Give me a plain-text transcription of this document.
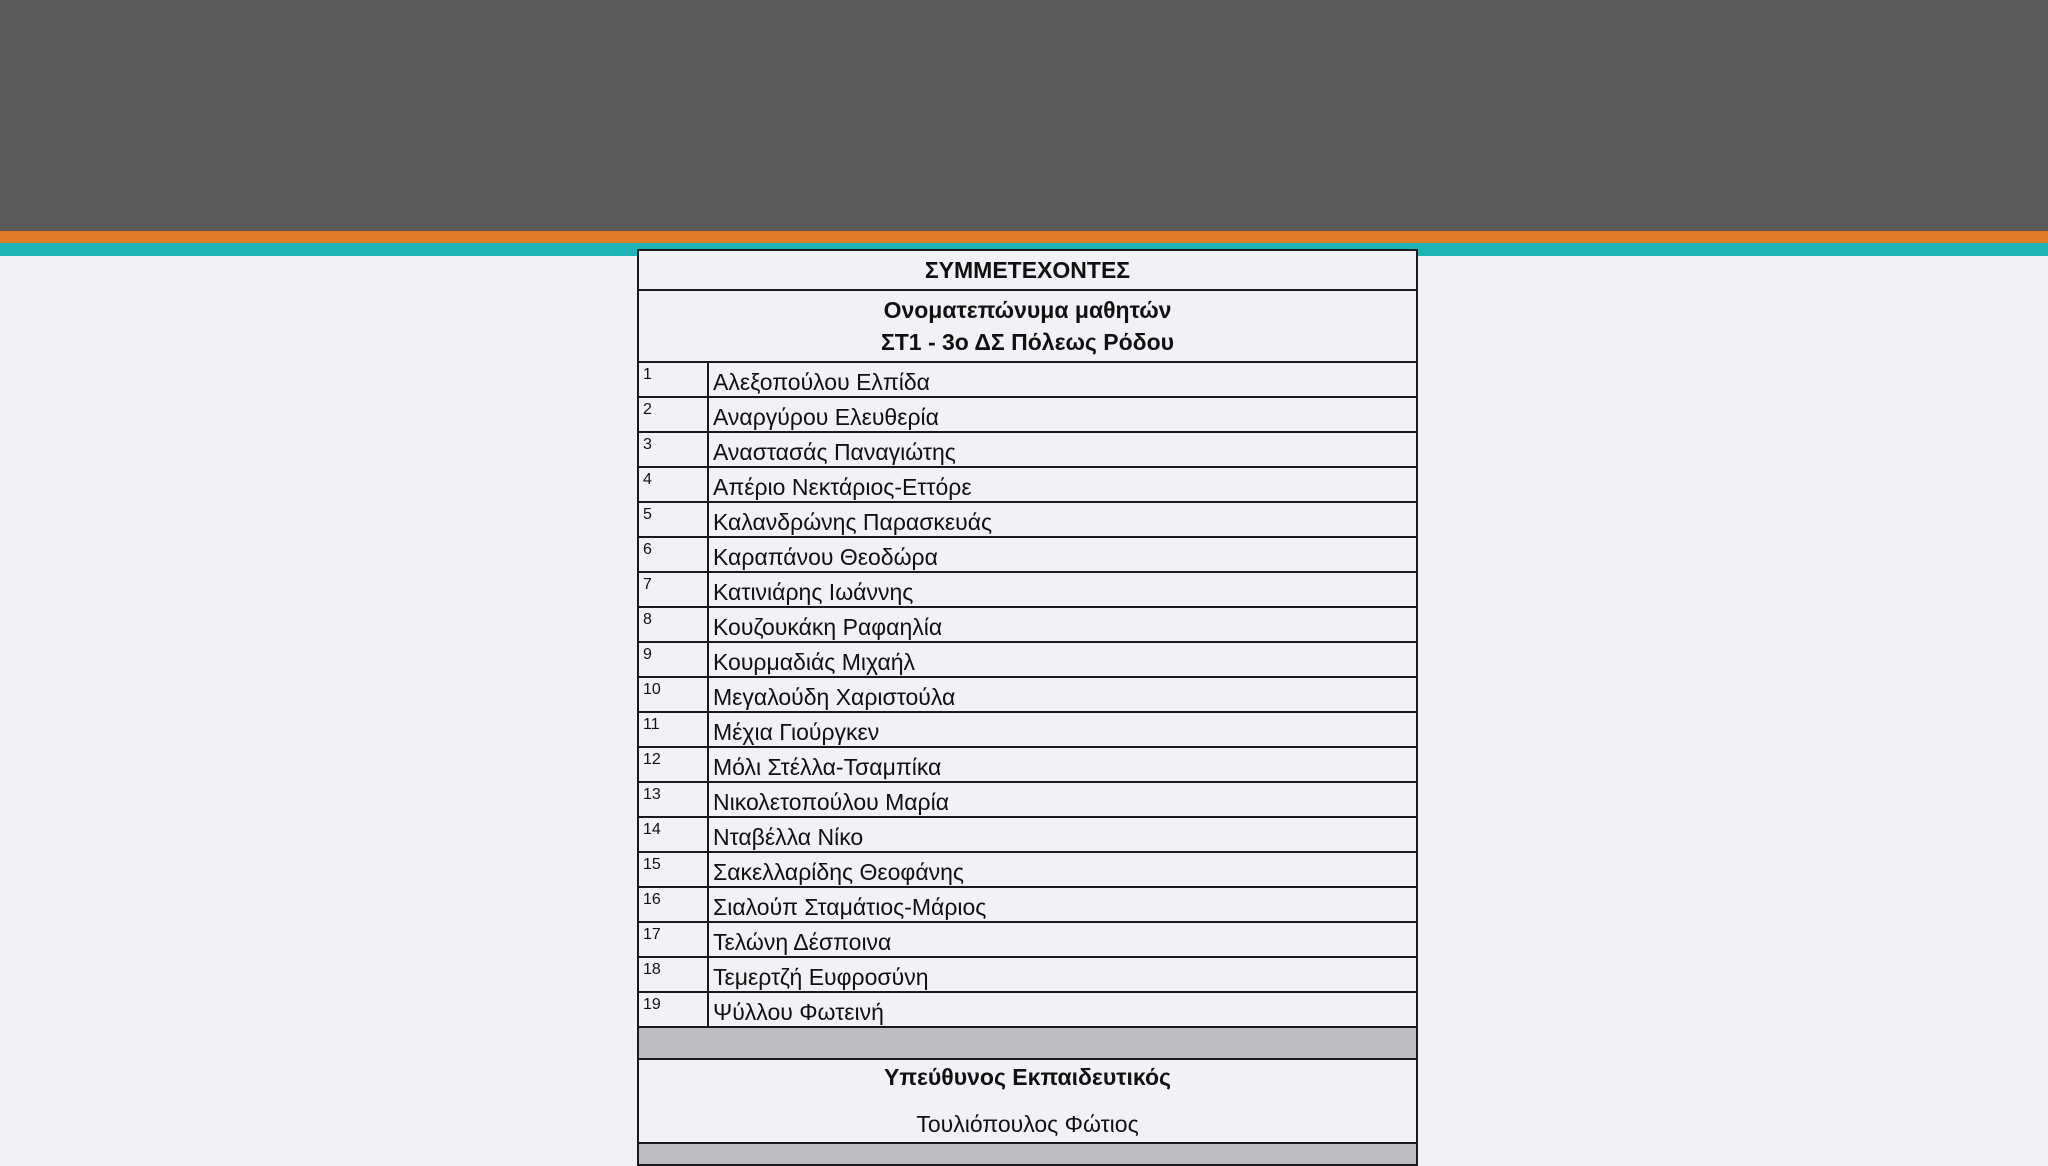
ΣΥΜΜΕΤΕΧΟΝΤΕΣ	

Ονοματεπώνυμα μαθητών
ΣΤ1 - 3ο ΔΣ Πόλεως Ρόδου	

1	Αλεξοπούλου Ελπίδα
2	Αναργύρου Ελευθερία
3	Αναστασάς Παναγιώτης
4	Απέριο Νεκτάριος-Εττόρε
5	Καλανδρώνης Παρασκευάς
6	Καραπάνου Θεοδώρα
7	Κατινιάρης Ιωάννης
8	Κουζουκάκη Ραφαηλία
9	Κουρμαδιάς Μιχαήλ
10	Μεγαλούδη Χαριστούλα
11	Μέχια Γιούργκεν
12	Μόλι Στέλλα-Τσαμπίκα
13	Νικολετοπούλου Μαρία
14	Νταβέλλα Νίκο
15	Σακελλαρίδης Θεοφάνης
16	Σιαλούπ Σταμάτιος-Μάριος
17	Τελώνη Δέσποινα
18	Τεμερτζή Ευφροσύνη
19	Ψύλλου Φωτεινή

Υπεύθυνος Εκπαιδευτικός
Τουλιόπουλος Φώτιος	
